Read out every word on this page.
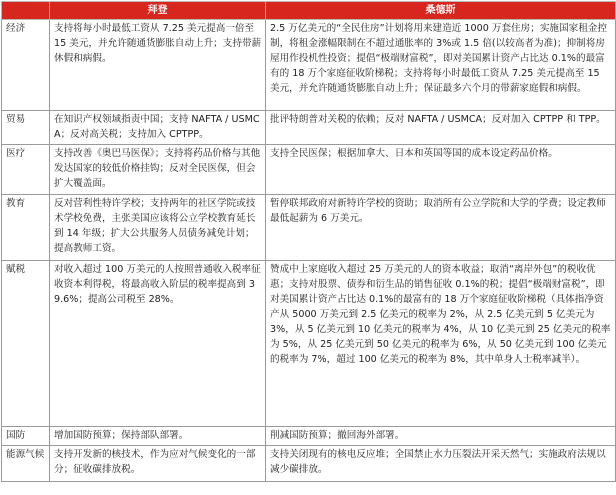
	拜登	桑德斯
经济	支持将每小时最低工资从 7.25 美元提高一倍至 15 美元，并允许随通货膨胀自动上升；支持带薪休假和病假。	2.5 万亿美元的“全民住房”计划将用来建造近 1000 万套住房；实施国家租金控制，将租金涨幅限制在不超过通胀率的 3%或 1.5 倍(以较高者为准)；抑制将房屋用作投机性投资；提倡“极端财富税”，即对美国累计资产占比达 0.1%的最富有的 18 万个家庭征收阶梯税；支持将每小时最低工资从 7.25 美元提高至 15 美元，并允许随通货膨胀自动上升；保证最多六个月的带薪家庭假和病假。
贸易	在知识产权领域指责中国；支持 NAFTA / USMCA；反对高关税；支持加入 CPTPP。	批评特朗普对关税的依赖；反对 NAFTA / USMCA；反对加入 CPTPP 和 TPP。
医疗	支持改善《奥巴马医保》；支持将药品价格与其他发达国家的较低价格挂钩；反对全民医保，但会扩大覆盖面。	支持全民医保；根据加拿大、日本和英国等国的成本设定药品价格。
教育	反对营利性特许学校；支持两年的社区学院或技术学校免费，主张美国应该将公立学校教育延长到 14 年级；扩大公共服务人员债务减免计划；提高教师工资。	暂停联邦政府对新特许学校的资助；取消所有公立学院和大学的学费；设定教师最低起薪为 6 万美元。
赋税	对收入超过 100 万美元的人按照普通收入税率征收资本利得税，将最高收入阶层的税率提高到 39.6%；提高公司税至 28%。	赞成中上家庭收入超过 25 万美元的人的资本收益；取消“离岸外包”的税收优惠；支持对股票、债券和衍生品的销售征收 0.1%的税；提倡“极端财富税”，即对美国累计资产占比达 0.1%的最富有的 18 万个家庭征收阶梯税（具体指净资产从 5000 万美元到 2.5 亿美元的税率为 2%，从 2.5 亿美元到 5 亿美元为 3%，从 5 亿美元到 10 亿美元的税率为 4%，从 10 亿美元到 25 亿美元的税率为 5%，从 25 亿美元到 50 亿美元的税率为 6%，从 50 亿美元到 100 亿美元的税率为 7%，超过 100 亿美元的税率为 8%，其中单身人士税率减半）。
国防	增加国防预算；保持部队部署。	削减国防预算；撤回海外部署。
能源气候	支持开发新的核技术，作为应对气候变化的一部分；征收碳排放税。	支持关闭现有的核电反应堆；全国禁止水力压裂法开采天然气；实施政府法规以减少碳排放。
